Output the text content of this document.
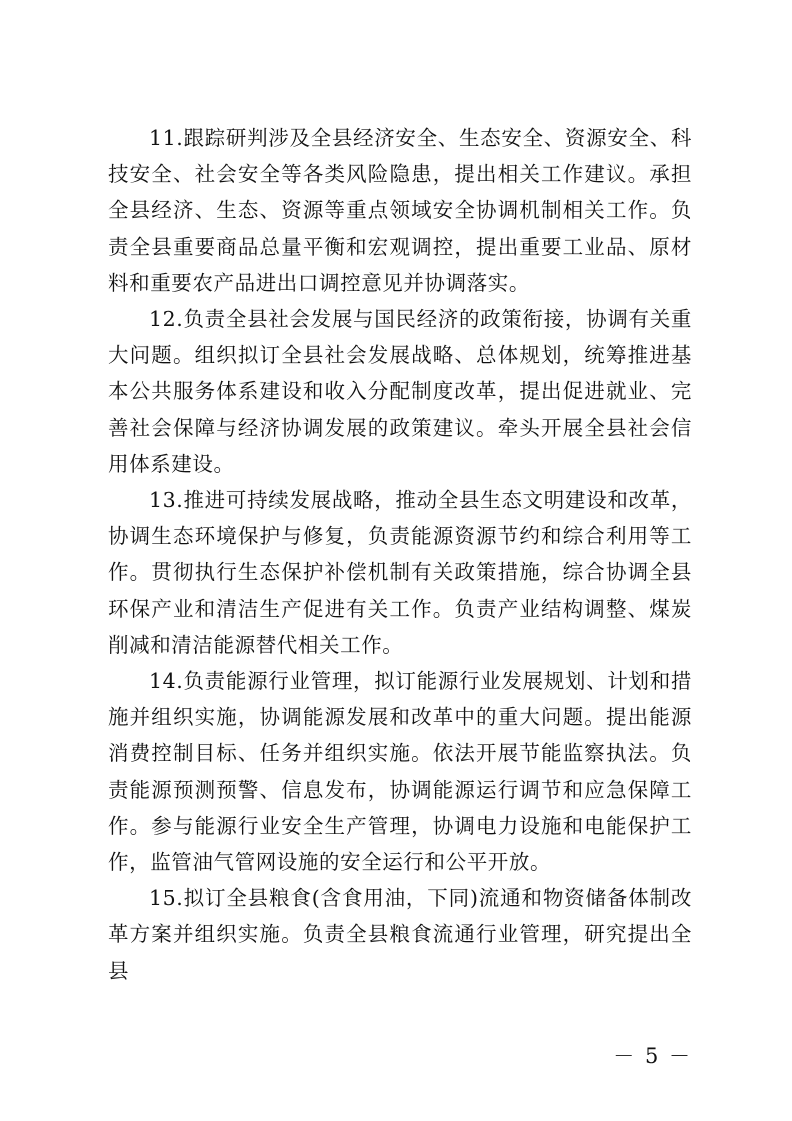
11.跟踪研判涉及全县经济安全、生态安全、资源安全、科技安全、社会安全等各类风险隐患，提出相关工作建议。承担全县经济、生态、资源等重点领域安全协调机制相关工作。负责全县重要商品总量平衡和宏观调控，提出重要工业品、原材料和重要农产品进出口调控意见并协调落实。

12.负责全县社会发展与国民经济的政策衔接，协调有关重大问题。组织拟订全县社会发展战略、总体规划，统筹推进基本公共服务体系建设和收入分配制度改革，提出促进就业、完善社会保障与经济协调发展的政策建议。牵头开展全县社会信用体系建设。

13.推进可持续发展战略，推动全县生态文明建设和改革，协调生态环境保护与修复，负责能源资源节约和综合利用等工作。贯彻执行生态保护补偿机制有关政策措施，综合协调全县环保产业和清洁生产促进有关工作。负责产业结构调整、煤炭削减和清洁能源替代相关工作。

14.负责能源行业管理，拟订能源行业发展规划、计划和措施并组织实施，协调能源发展和改革中的重大问题。提出能源消费控制目标、任务并组织实施。依法开展节能监察执法。负责能源预测预警、信息发布，协调能源运行调节和应急保障工作。参与能源行业安全生产管理，协调电力设施和电能保护工作，监管油气管网设施的安全运行和公平开放。

15.拟订全县粮食(含食用油，下同)流通和物资储备体制改革方案并组织实施。负责全县粮食流通行业管理，研究提出全县

－ 5 －
